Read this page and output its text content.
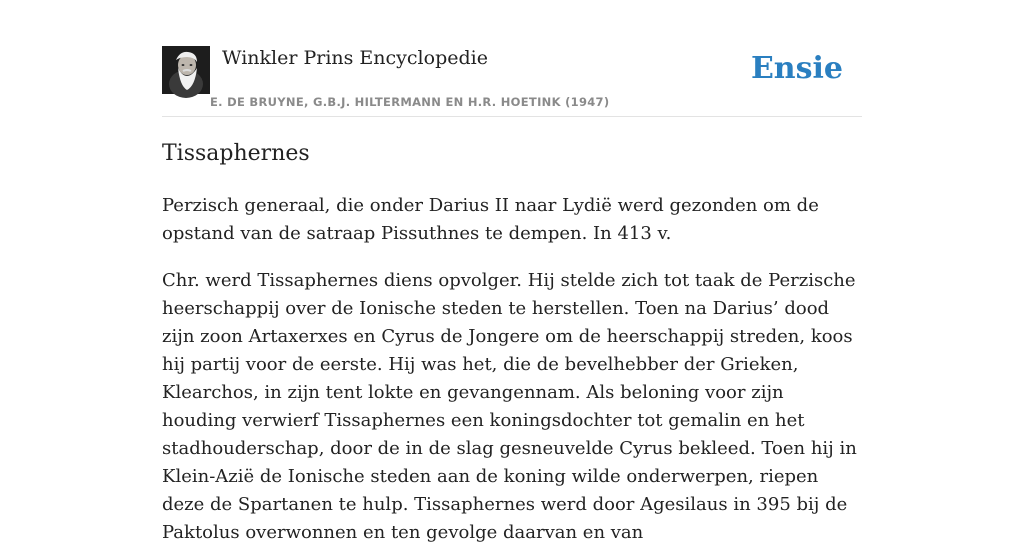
Winkler Prins Encyclopedie
E. DE BRUYNE, G.B.J. HILTERMANN EN H.R. HOETINK (1947)
Ensie
Tissaphernes

Perzisch generaal, die onder Darius II naar Lydië werd gezonden om de opstand van de satraap Pissuthnes te dempen. In 413 v.

Chr. werd Tissaphernes diens opvolger. Hij stelde zich tot taak de Perzische heerschappij over de Ionische steden te herstellen. Toen na Darius’ dood zijn zoon Artaxerxes en Cyrus de Jongere om de heerschappij streden, koos hij partij voor de eerste. Hij was het, die de bevelhebber der Grieken, Klearchos, in zijn tent lokte en gevangennam. Als beloning voor zijn houding verwierf Tissaphernes een koningsdochter tot gemalin en het stadhouderschap, door de in de slag gesneuvelde Cyrus bekleed. Toen hij in Klein-Azië de Ionische steden aan de koning wilde onderwerpen, riepen deze de Spartanen te hulp. Tissaphernes werd door Agesilaus in 395 bij de Paktolus overwonnen en ten gevolge daarvan en van
